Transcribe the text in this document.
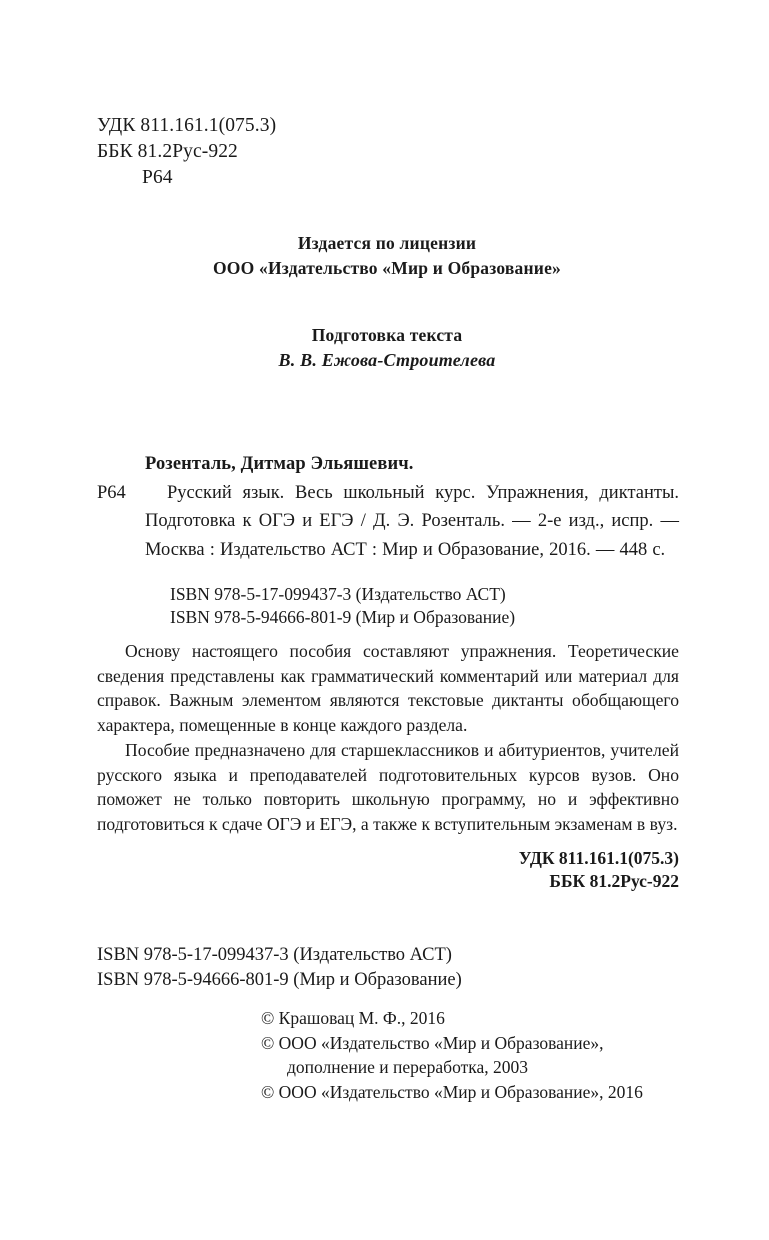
УДК 811.161.1(075.3)
ББК 81.2Рус-922
Р64
Издается по лицензии
ООО «Издательство «Мир и Образование»
Подготовка текста
В. В. Ежова-Строителева
Розенталь, Дитмар Эльяшевич.
Р64	Русский язык. Весь школьный курс. Упражнения, диктанты. Подготовка к ОГЭ и ЕГЭ / Д. Э. Розенталь. — 2-е изд., испр. — Москва : Издательство АСТ : Мир и Образование, 2016. — 448 с.
ISBN 978-5-17-099437-3 (Издательство АСТ)
ISBN 978-5-94666-801-9 (Мир и Образование)

Основу настоящего пособия составляют упражнения. Теоретические сведения представлены как грамматический комментарий или материал для справок. Важным элементом являются текстовые диктанты обобщающего характера, помещенные в конце каждого раздела.

Пособие предназначено для старшеклассников и абитуриентов, учителей русского языка и преподавателей подготовительных курсов вузов. Оно поможет не только повторить школьную программу, но и эффективно подготовиться к сдаче ОГЭ и ЕГЭ, а также к вступительным экзаменам в вуз.

УДК 811.161.1(075.3)
ББК 81.2Рус-922
ISBN 978-5-17-099437-3 (Издательство АСТ)
ISBN 978-5-94666-801-9 (Мир и Образование)
© Крашовац М. Ф., 2016
© ООО «Издательство «Мир и Образование»,
дополнение и переработка, 2003
© ООО «Издательство «Мир и Образование», 2016
